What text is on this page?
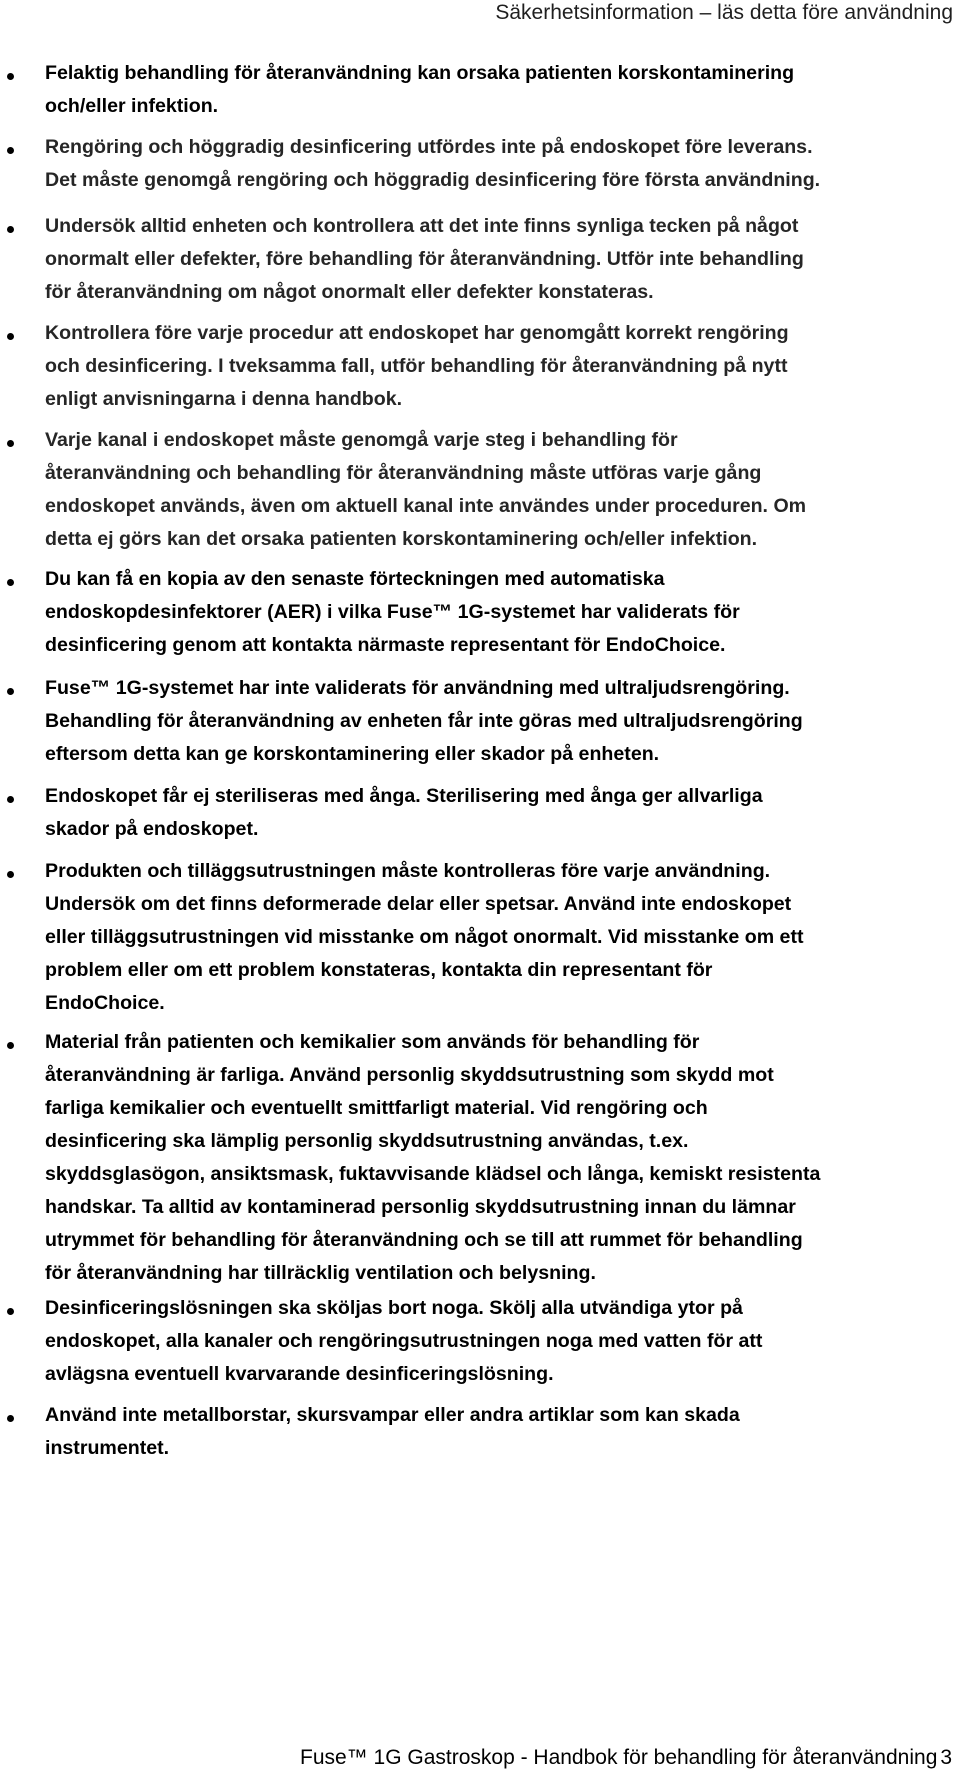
Säkerhetsinformation – läs detta före användning
Felaktig behandling för återanvändning kan orsaka patienten korskontaminering
och/eller infektion.
Rengöring och höggradig desinficering utfördes inte på endoskopet före leverans.
Det måste genomgå rengöring och höggradig desinficering före första användning.
Undersök alltid enheten och kontrollera att det inte finns synliga tecken på något
onormalt eller defekter, före behandling för återanvändning. Utför inte behandling
för återanvändning om något onormalt eller defekter konstateras.
Kontrollera före varje procedur att endoskopet har genomgått korrekt rengöring
och desinficering. I tveksamma fall, utför behandling för återanvändning på nytt
enligt anvisningarna i denna handbok.
Varje kanal i endoskopet måste genomgå varje steg i behandling för
återanvändning och behandling för återanvändning måste utföras varje gång
endoskopet används, även om aktuell kanal inte användes under proceduren. Om
detta ej görs kan det orsaka patienten korskontaminering och/eller infektion.
Du kan få en kopia av den senaste förteckningen med automatiska
endoskopdesinfektorer (AER) i vilka Fuse™ 1G-systemet har validerats för
desinficering genom att kontakta närmaste representant för EndoChoice.
Fuse™ 1G-systemet har inte validerats för användning med ultraljudsrengöring.
Behandling för återanvändning av enheten får inte göras med ultraljudsrengöring
eftersom detta kan ge korskontaminering eller skador på enheten.
Endoskopet får ej steriliseras med ånga. Sterilisering med ånga ger allvarliga
skador på endoskopet.
Produkten och tilläggsutrustningen måste kontrolleras före varje användning.
Undersök om det finns deformerade delar eller spetsar. Använd inte endoskopet
eller tilläggsutrustningen vid misstanke om något onormalt. Vid misstanke om ett
problem eller om ett problem konstateras, kontakta din representant för
EndoChoice.
Material från patienten och kemikalier som används för behandling för
återanvändning är farliga. Använd personlig skyddsutrustning som skydd mot
farliga kemikalier och eventuellt smittfarligt material. Vid rengöring och
desinficering ska lämplig personlig skyddsutrustning användas, t.ex.
skyddsglasögon, ansiktsmask, fuktavvisande klädsel och långa, kemiskt resistenta
handskar. Ta alltid av kontaminerad personlig skyddsutrustning innan du lämnar
utrymmet för behandling för återanvändning och se till att rummet för behandling
för återanvändning har tillräcklig ventilation och belysning.
Desinficeringslösningen ska sköljas bort noga. Skölj alla utvändiga ytor på
endoskopet, alla kanaler och rengöringsutrustningen noga med vatten för att
avlägsna eventuell kvarvarande desinficeringslösning.
Använd inte metallborstar, skursvampar eller andra artiklar som kan skada
instrumentet.
Fuse™ 1G Gastroskop - Handbok för behandling för återanvändning 3
